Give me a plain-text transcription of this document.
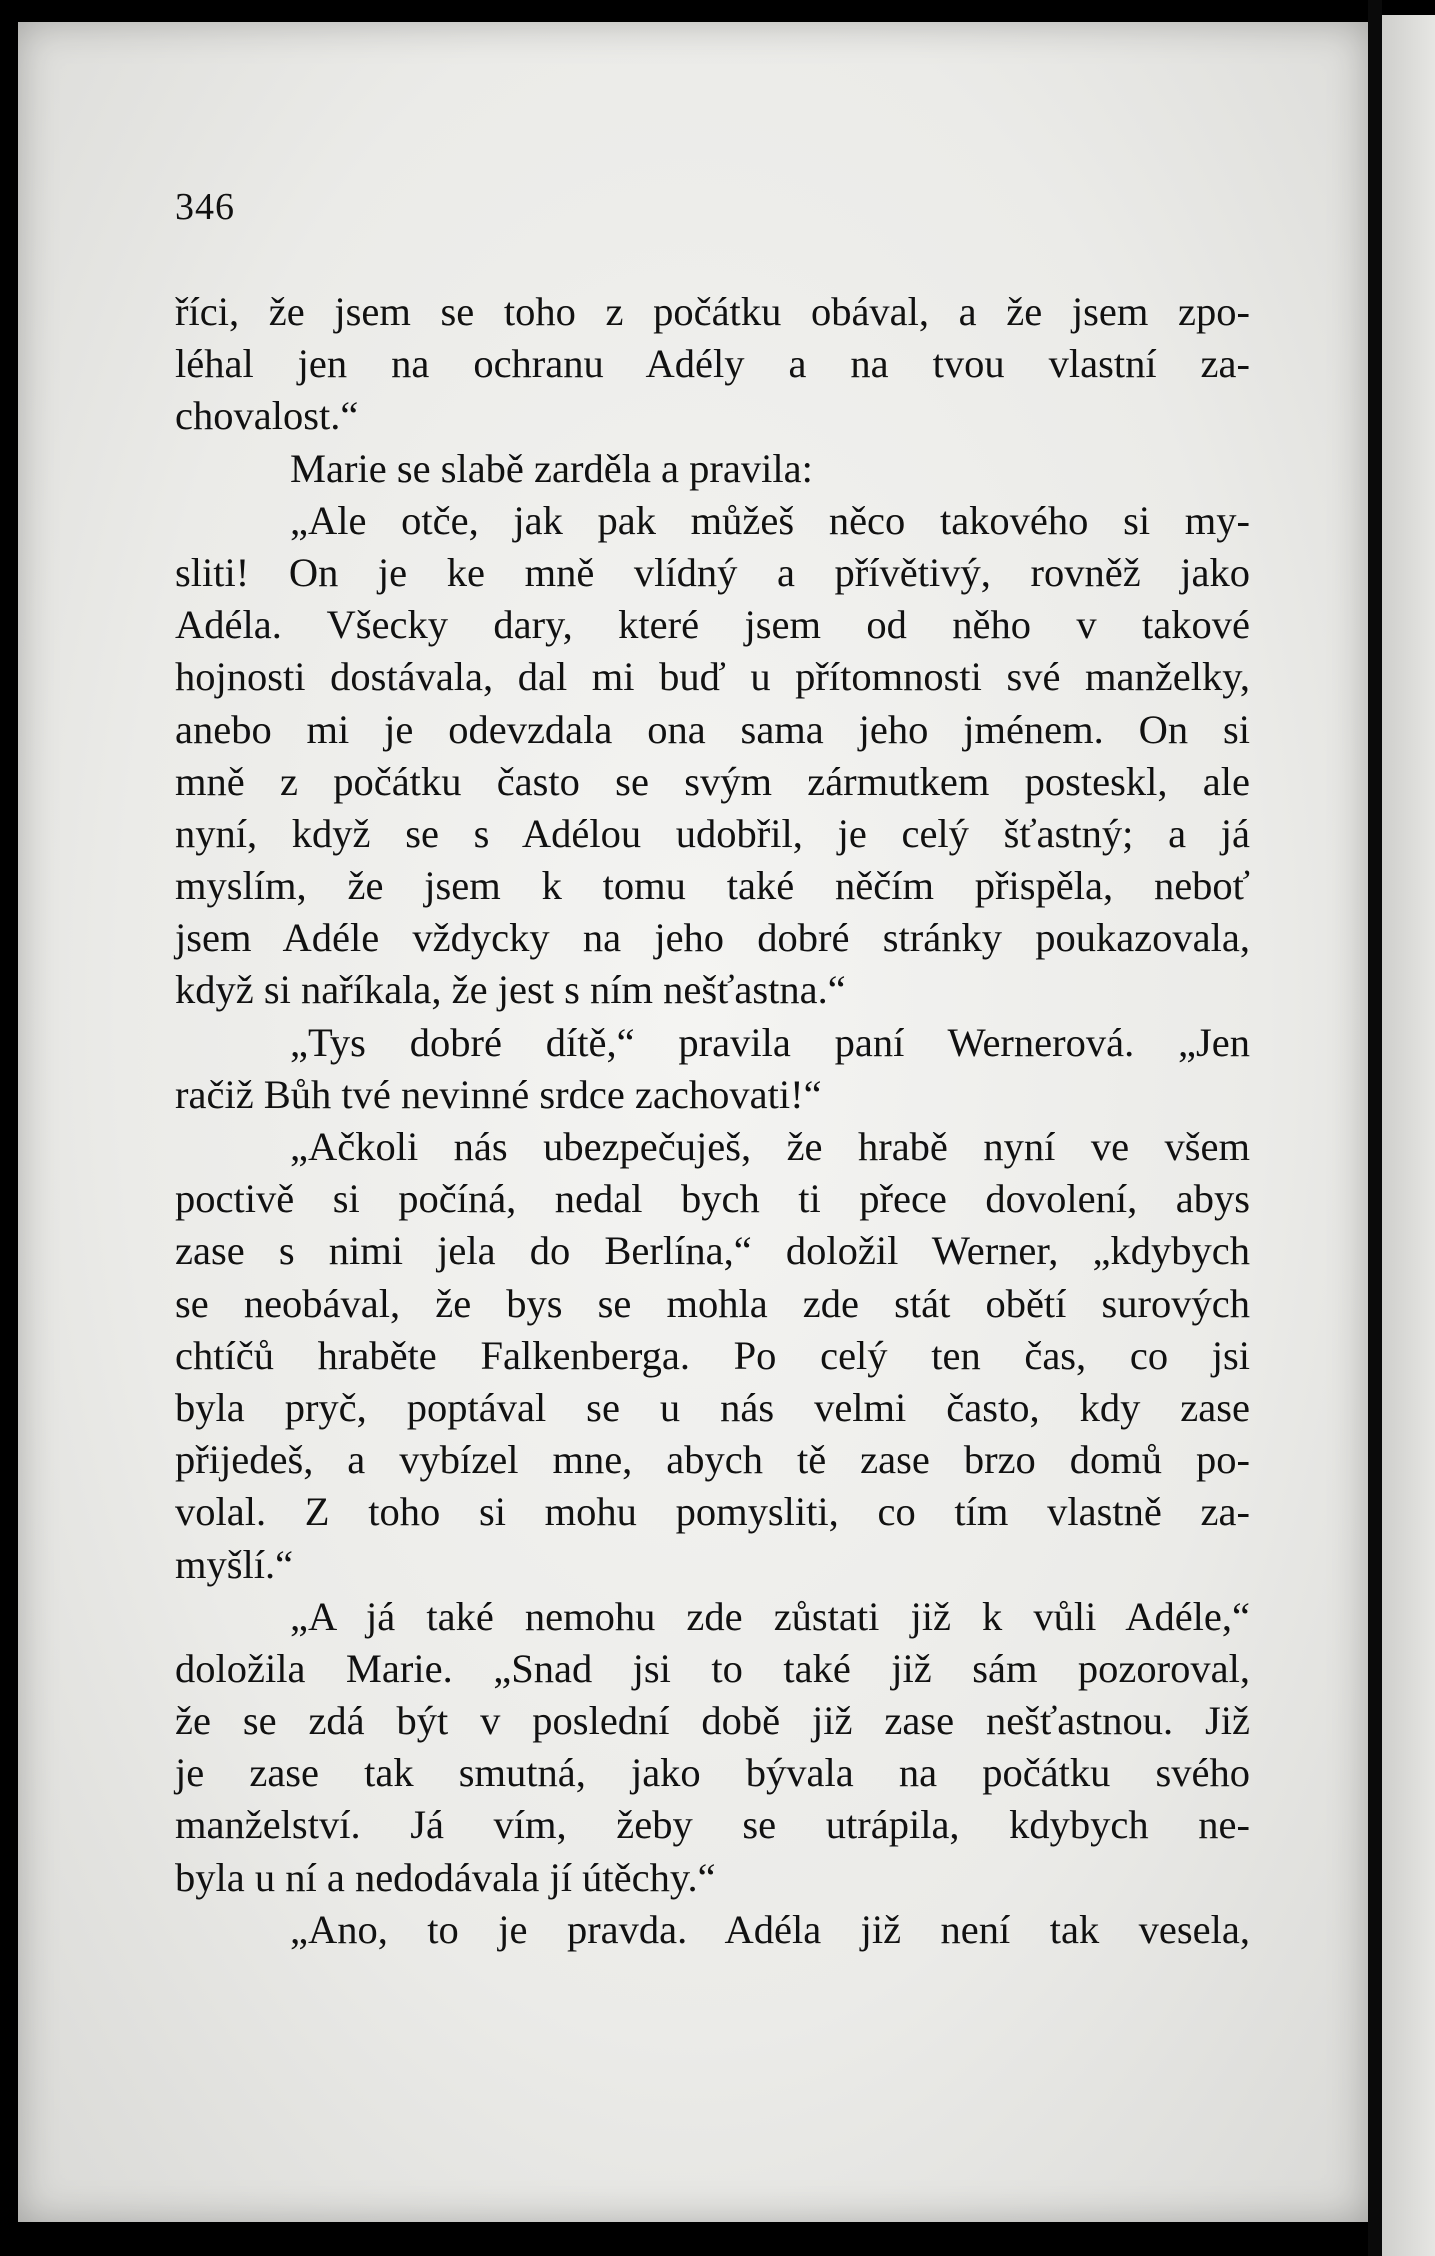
346
říci, že jsem se toho z počátku obával, a že jsem zpo-
léhal jen na ochranu Adély a na tvou vlastní za-
chovalost.“
Marie se slabě zarděla a pravila:
„Ale otče, jak pak můžeš něco takového si my-
sliti! On je ke mně vlídný a přívětivý, rovněž jako
Adéla. Všecky dary, které jsem od něho v takové
hojnosti dostávala, dal mi buď u přítomnosti své manželky,
anebo mi je odevzdala ona sama jeho jménem. On si
mně z počátku často se svým zármutkem posteskl, ale
nyní, když se s Adélou udobřil, je celý šťastný; a já
myslím, že jsem k tomu také něčím přispěla, neboť
jsem Adéle vždycky na jeho dobré stránky poukazovala,
když si naříkala, že jest s ním nešťastna.“
„Tys dobré dítě,“ pravila paní Wernerová. „Jen
račiž Bůh tvé nevinné srdce zachovati!“
„Ačkoli nás ubezpečuješ, že hrabě nyní ve všem
poctivě si počíná, nedal bych ti přece dovolení, abys
zase s nimi jela do Berlína,“ doložil Werner, „kdybych
se neobával, že bys se mohla zde stát obětí surových
chtíčů hraběte Falkenberga. Po celý ten čas, co jsi
byla pryč, poptával se u nás velmi často, kdy zase
přijedeš, a vybízel mne, abych tě zase brzo domů po-
volal. Z toho si mohu pomysliti, co tím vlastně za-
myšlí.“
„A já také nemohu zde zůstati již k vůli Adéle,“
doložila Marie. „Snad jsi to také již sám pozoroval,
že se zdá být v poslední době již zase nešťastnou. Již
je zase tak smutná, jako bývala na počátku svého
manželství. Já vím, žeby se utrápila, kdybych ne-
byla u ní a nedodávala jí útěchy.“
„Ano, to je pravda. Adéla již není tak vesela,
